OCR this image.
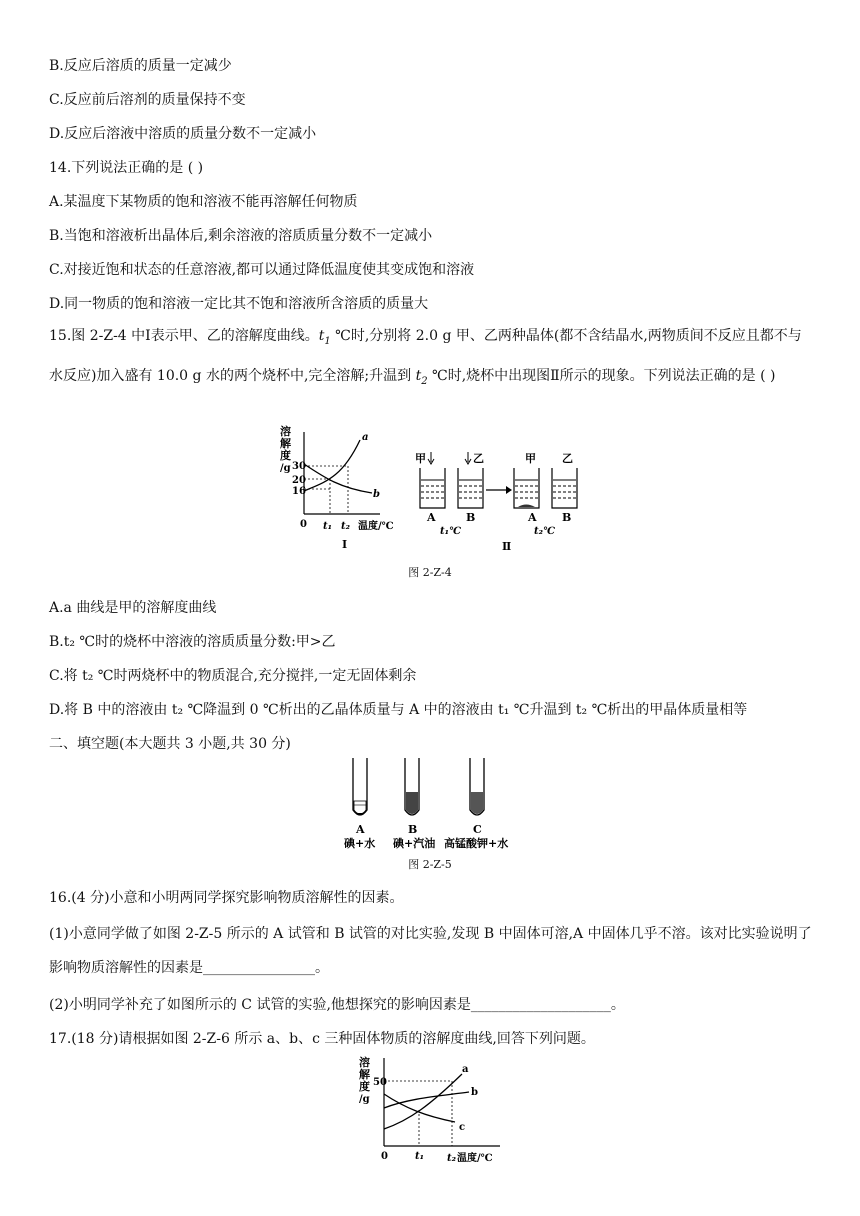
B.反应后溶质的质量一定减少
C.反应前后溶剂的质量保持不变
D.反应后溶液中溶质的质量分数不一定减小
14.下列说法正确的是 ( )
A.某温度下某物质的饱和溶液不能再溶解任何物质
B.当饱和溶液析出晶体后,剩余溶液的溶质质量分数不一定减小
C.对接近饱和状态的任意溶液,都可以通过降低温度使其变成饱和溶液
D.同一物质的饱和溶液一定比其不饱和溶液所含溶质的质量大
15.图 2-Z-4 中Ⅰ表示甲、乙的溶解度曲线。$t_1$ ℃时,分别将 2.0 g 甲、乙两种晶体(都不含结晶水,两物质间不反应且都不与水反应)加入盛有 10.0 g 水的两个烧杯中,完全溶解;升温到 $t_2$ ℃时,烧杯中出现图Ⅱ所示的现象。下列说法正确的是 ( )
溶
解
度
/g 30
20
16
0 t₁ t₂ 温度/℃
a
b
Ⅰ
甲	乙
A	B
t₁℃
甲 乙
A B
t₂℃
Ⅱ
图 2-Z-4
A.a 曲线是甲的溶解度曲线
B.t₂ ℃时的烧杯中溶液的溶质质量分数:甲>乙
C.将 t₂ ℃时两烧杯中的物质混合,充分搅拌,一定无固体剩余
D.将 B 中的溶液由 t₂ ℃降温到 0 ℃析出的乙晶体质量与 A 中的溶液由 t₁ ℃升温到 t₂ ℃析出的甲晶体质量相等
二、填空题(本大题共 3 小题,共 30 分)
A	B	C
碘+水 碘+汽油 高锰酸钾+水
图 2-Z-5
16.(4 分)小意和小明两同学探究影响物质溶解性的因素。
(1)小意同学做了如图 2-Z-5 所示的 A 试管和 B 试管的对比实验,发现 B 中固体可溶,A 中固体几乎不溶。该对比实验说明了影响物质溶解性的因素是________________。
(2)小明同学补充了如图所示的 C 试管的实验,他想探究的影响因素是____________________。
17.(18 分)请根据如图 2-Z-6 所示 a、b、c 三种固体物质的溶解度曲线,回答下列问题。
溶
解
度
/g
50
0	t₁ t₂ 温度/℃
a
b
c
